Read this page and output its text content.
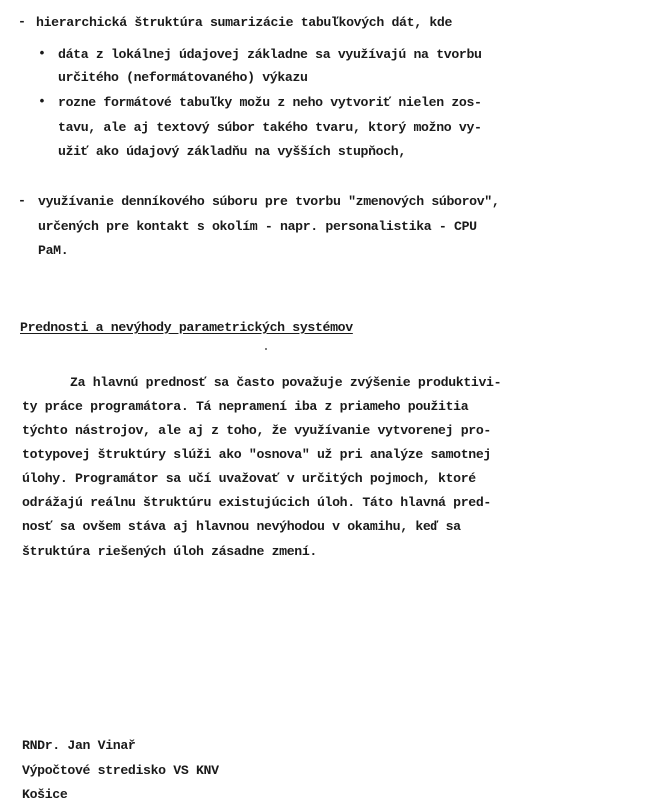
- hierarchická štruktúra sumarizácie tabuľkových dát, kde
• dáta z lokálnej údajovej základne sa využívajú na tvorbu
určitého (neformátovaného) výkazu
• rozne formátové tabuľky možu z neho vytvoriť nielen zos-
tavu, ale aj textový súbor takého tvaru, ktorý možno vy-
užiť ako údajový základňu na vyšších stupňoch,
- využívanie denníkového súboru pre tvorbu "zmenových súborov",
určených pre kontakt s okolím - napr. personalistika - CPU
PaM.
Prednosti a nevýhody parametrických systémov
Za hlavnú prednosť sa často považuje zvýšenie produktivi-
ty práce programátora. Tá nepramení iba z priameho použitia
týchto nástrojov, ale aj z toho, že využívanie vytvorenej pro-
totypovej štruktúry slúži ako "osnova" už pri analýze samotnej
úlohy. Programátor sa učí uvažovať v určitých pojmoch, ktoré
odrážajú reálnu štruktúru existujúcich úloh. Táto hlavná pred-
nosť sa ovšem stáva aj hlavnou nevýhodou v okamihu, keď sa
štruktúra riešených úloh zásadne zmení.
RNDr. Jan Vinař
Výpočtové stredisko VS KNV
Košice
